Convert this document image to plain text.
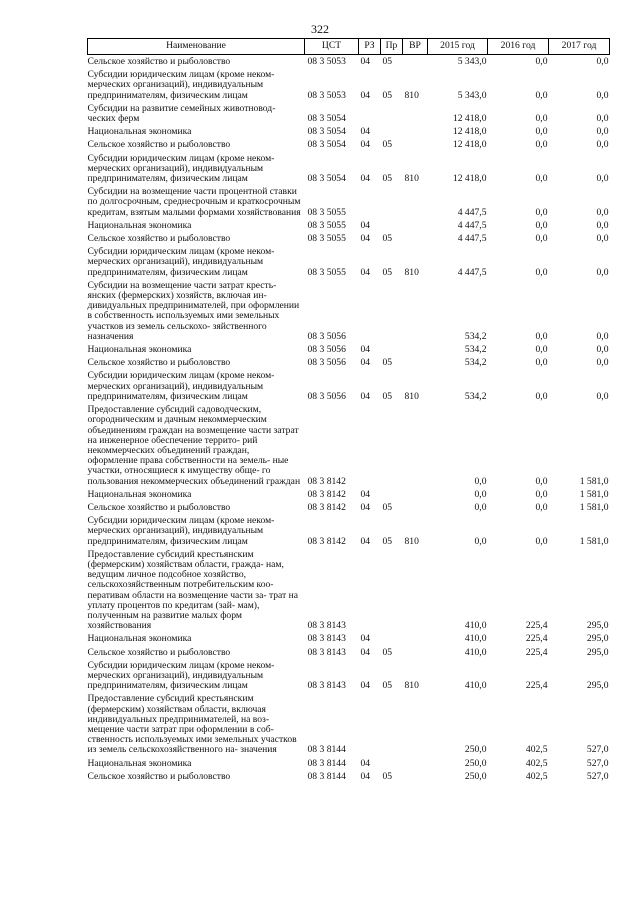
322
Наименование	ЦСТ	РЗ	Пр	ВР	2015 год	2016 год	2017 год
Сельское хозяйство и рыболовство	08 3 5053	04	05		5 343,0	0,0	0,0
Субсидии юридическим лицам (кроме неком- мерческих организаций), индивидуальным предпринимателям, физическим лицам	08 3 5053	04	05	810	5 343,0	0,0	0,0
Субсидии на развитие семейных животновод- ческих ферм	08 3 5054				12 418,0	0,0	0,0
Национальная экономика	08 3 5054	04			12 418,0	0,0	0,0
Сельское хозяйство и рыболовство	08 3 5054	04	05		12 418,0	0,0	0,0
Субсидии юридическим лицам (кроме неком- мерческих организаций), индивидуальным предпринимателям, физическим лицам	08 3 5054	04	05	810	12 418,0	0,0	0,0
Субсидии на возмещение части процентной ставки по долгосрочным, среднесрочным и краткосрочным кредитам, взятым малыми формами хозяйствования	08 3 5055				4 447,5	0,0	0,0
Национальная экономика	08 3 5055	04			4 447,5	0,0	0,0
Сельское хозяйство и рыболовство	08 3 5055	04	05		4 447,5	0,0	0,0
Субсидии юридическим лицам (кроме неком- мерческих организаций), индивидуальным предпринимателям, физическим лицам	08 3 5055	04	05	810	4 447,5	0,0	0,0
Субсидии на возмещение части затрат кресть- янских (фермерских) хозяйств, включая ин- дивидуальных предпринимателей, при оформлении в собственность используемых ими земельных участков из земель сельскохо- зяйственного назначения	08 3 5056				534,2	0,0	0,0
Национальная экономика	08 3 5056	04			534,2	0,0	0,0
Сельское хозяйство и рыболовство	08 3 5056	04	05		534,2	0,0	0,0
Субсидии юридическим лицам (кроме неком- мерческих организаций), индивидуальным предпринимателям, физическим лицам	08 3 5056	04	05	810	534,2	0,0	0,0
Предоставление субсидий садоводческим, огородническим и дачным некоммерческим объединениям граждан на возмещение части затрат на инженерное обеспечение террито- рий некоммерческих объединений граждан, оформление права собственности на земель- ные участки, относящиеся к имуществу обще- го пользования некоммерческих объединений граждан	08 3 8142				0,0	0,0	1 581,0
Национальная экономика	08 3 8142	04			0,0	0,0	1 581,0
Сельское хозяйство и рыболовство	08 3 8142	04	05		0,0	0,0	1 581,0
Субсидии юридическим лицам (кроме неком- мерческих организаций), индивидуальным предпринимателям, физическим лицам	08 3 8142	04	05	810	0,0	0,0	1 581,0
Предоставление субсидий крестьянским (фермерским) хозяйствам области, гражда- нам, ведущим личное подсобное хозяйство, сельскохозяйственным потребительским коо- перативам области на возмещение части за- трат на уплату процентов по кредитам (зай- мам), полученным на развитие малых форм хозяйствования	08 3 8143				410,0	225,4	295,0
Национальная экономика	08 3 8143	04			410,0	225,4	295,0
Сельское хозяйство и рыболовство	08 3 8143	04	05		410,0	225,4	295,0
Субсидии юридическим лицам (кроме неком- мерческих организаций), индивидуальным предпринимателям, физическим лицам	08 3 8143	04	05	810	410,0	225,4	295,0
Предоставление субсидий крестьянским (фермерским) хозяйствам области, включая индивидуальных предпринимателей, на воз- мещение части затрат при оформлении в соб- ственность используемых ими земельных участков из земель сельскохозяйственного на- значения	08 3 8144				250,0	402,5	527,0
Национальная экономика	08 3 8144	04			250,0	402,5	527,0
Сельское хозяйство и рыболовство	08 3 8144	04	05		250,0	402,5	527,0
